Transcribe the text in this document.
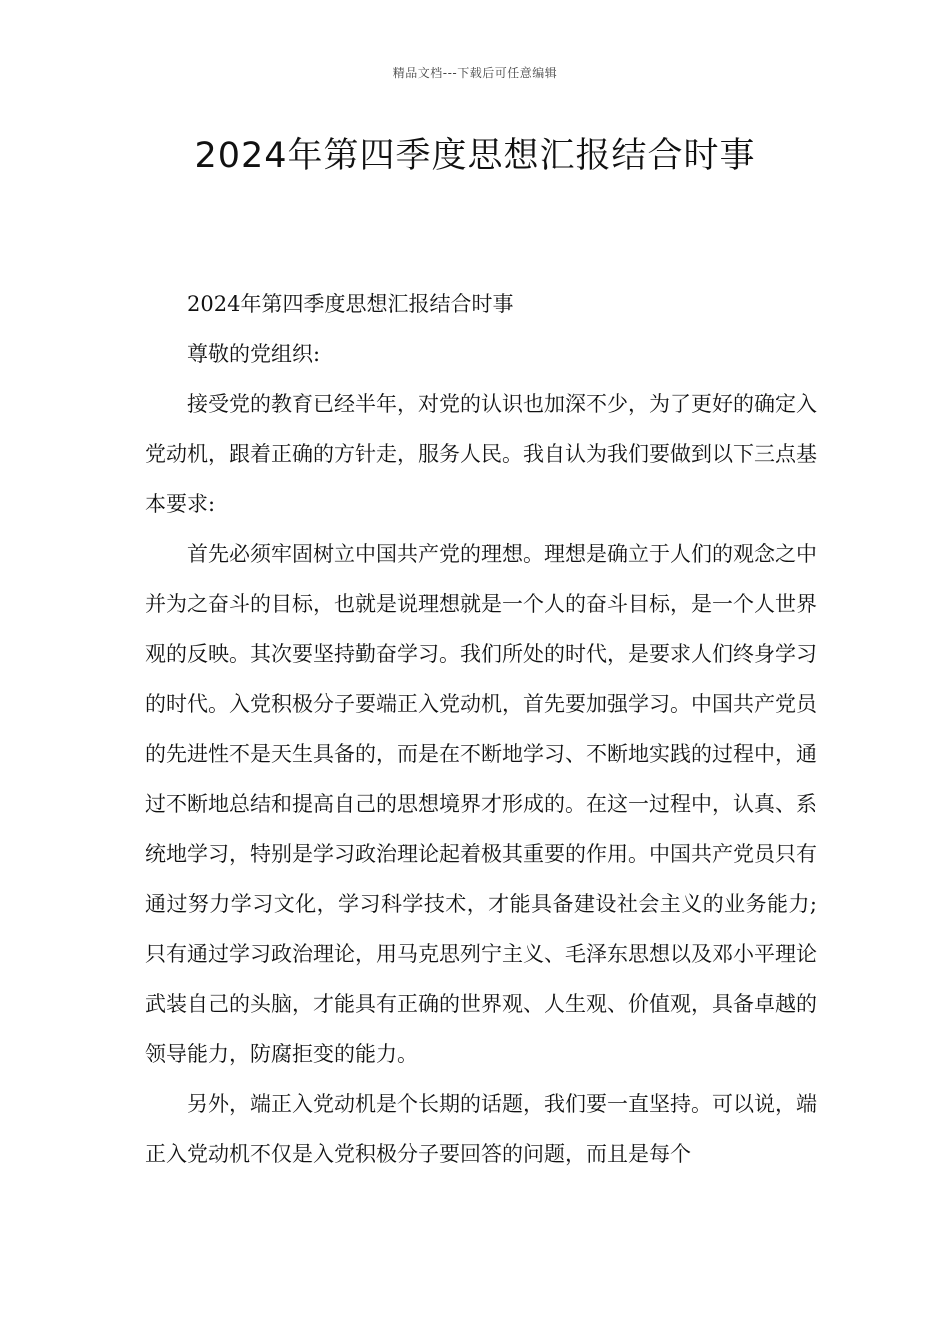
精品文档---下载后可任意编辑
2024年第四季度思想汇报结合时事

2024年第四季度思想汇报结合时事

尊敬的党组织:

接受党的教育已经半年，对党的认识也加深不少，为了更好的确定入党动机，跟着正确的方针走，服务人民。我自认为我们要做到以下三点基本要求:

首先必须牢固树立中国共产党的理想。理想是确立于人们的观念之中并为之奋斗的目标，也就是说理想就是一个人的奋斗目标，是一个人世界观的反映。其次要坚持勤奋学习。我们所处的时代，是要求人们终身学习的时代。入党积极分子要端正入党动机，首先要加强学习。中国共产党员的先进性不是天生具备的，而是在不断地学习、不断地实践的过程中，通过不断地总结和提高自己的思想境界才形成的。在这一过程中，认真、系统地学习，特别是学习政治理论起着极其重要的作用。中国共产党员只有通过努力学习文化，学习科学技术，才能具备建设社会主义的业务能力;只有通过学习政治理论，用马克思列宁主义、毛泽东思想以及邓小平理论武装自己的头脑，才能具有正确的世界观、人生观、价值观，具备卓越的领导能力，防腐拒变的能力。

另外，端正入党动机是个长期的话题，我们要一直坚持。可以说，端正入党动机不仅是入党积极分子要回答的问题，而且是每个
